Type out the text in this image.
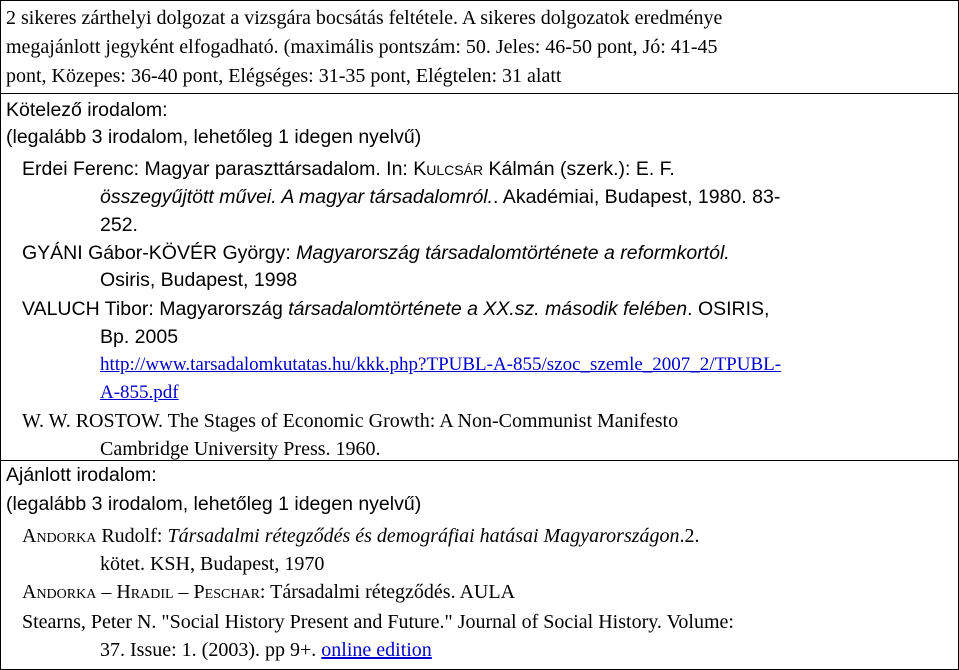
2 sikeres zárthelyi dolgozat a vizsgára bocsátás feltétele. A sikeres dolgozatok eredménye
megajánlott jegyként elfogadható. (maximális pontszám: 50. Jeles: 46-50 pont, Jó: 41-45
pont, Közepes: 36-40 pont, Elégséges: 31-35 pont, Elégtelen: 31 alatt
Kötelező irodalom:
(legalább 3 irodalom, lehetőleg 1 idegen nyelvű)
Erdei Ferenc: Magyar paraszttársadalom. In: Kulcsár Kálmán (szerk.): E. F.
összegyűjtött művei. A magyar társadalomról.. Akadémiai, Budapest, 1980. 83-
252.
GYÁNI Gábor-KÖVÉR György: Magyarország társadalomtörténete a reformkortól.
Osiris, Budapest, 1998
VALUCH Tibor: Magyarország társadalomtörténete a XX.sz. második felében. OSIRIS,
Bp. 2005
http://www.tarsadalomkutatas.hu/kkk.php?TPUBL-A-855/szoc_szemle_2007_2/TPUBL-
A-855.pdf
W. W. ROSTOW. The Stages of Economic Growth: A Non-Communist Manifesto
Cambridge University Press. 1960.
Ajánlott irodalom:
(legalább 3 irodalom, lehetőleg 1 idegen nyelvű)
Andorka Rudolf: Társadalmi rétegződés és demográfiai hatásai Magyarországon.2.
kötet. KSH, Budapest, 1970
Andorka – Hradil – Peschar: Társadalmi rétegződés. AULA
Stearns, Peter N. "Social History Present and Future." Journal of Social History. Volume:
37. Issue: 1. (2003). pp 9+. online edition
